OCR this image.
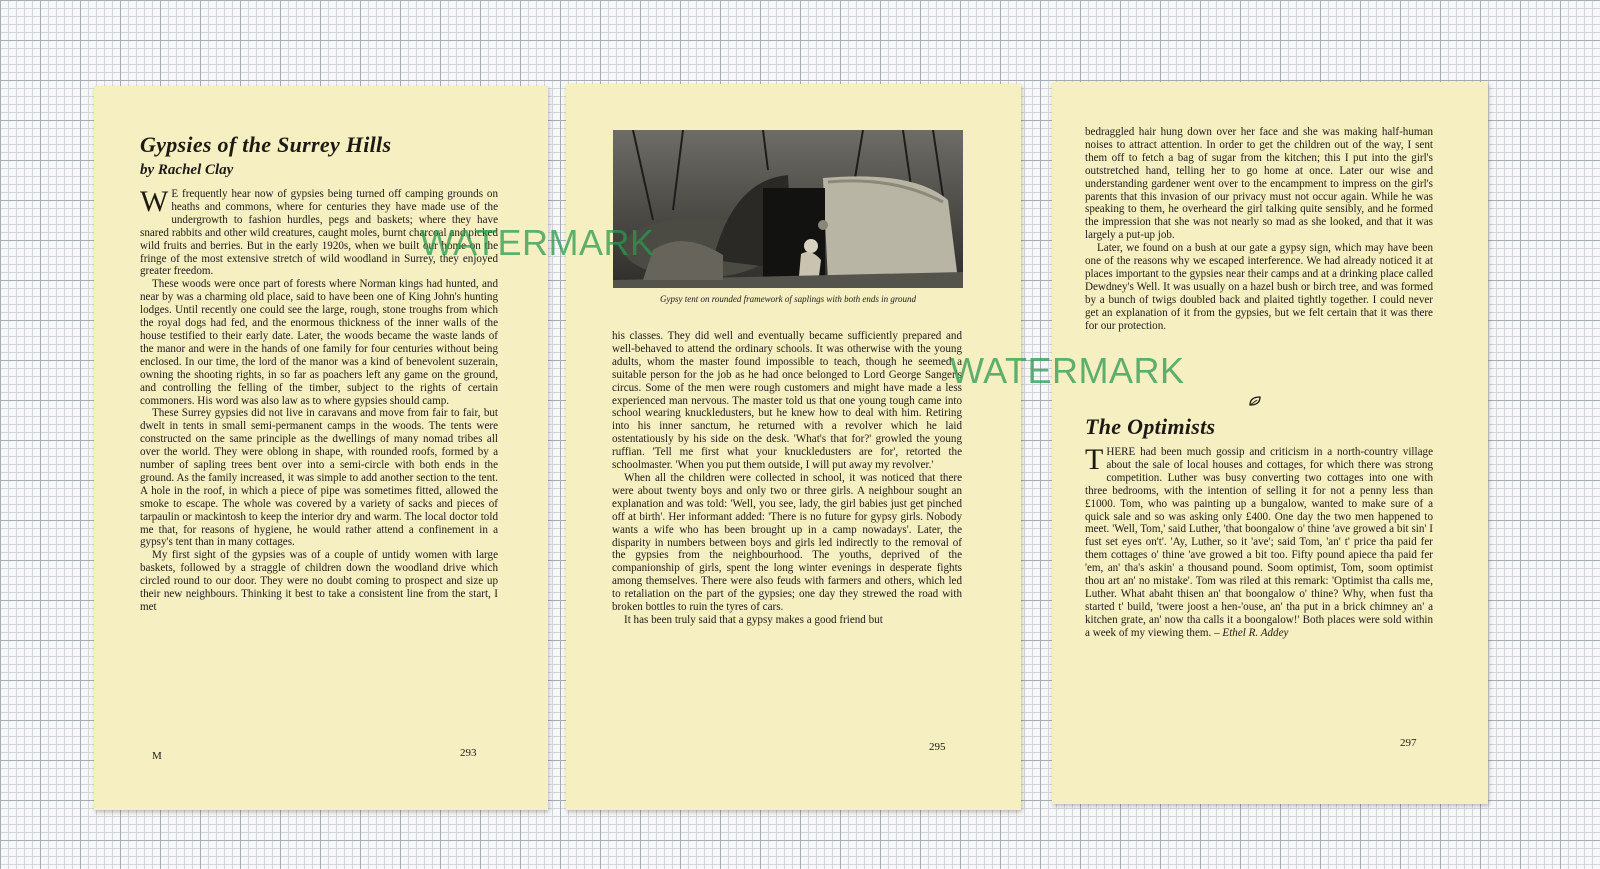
Gypsies of the Surrey Hills
by Rachel Clay

W E frequently hear now of gypsies being turned off camping grounds on heaths and commons, where for centuries they have made use of the undergrowth to fashion hurdles, pegs and baskets; where they have snared rabbits and other wild creatures, caught moles, burnt charcoal and picked wild fruits and berries. But in the early 1920s, when we built our home on the fringe of the most extensive stretch of wild woodland in Surrey, they enjoyed greater freedom.

These woods were once part of forests where Norman kings had hunted, and near by was a charming old place, said to have been one of King John's hunting lodges. Until recently one could see the large, rough, stone troughs from which the royal dogs had fed, and the enormous thickness of the inner walls of the house testified to their early date. Later, the woods became the waste lands of the manor and were in the hands of one family for four centuries without being enclosed. In our time, the lord of the manor was a kind of benevolent suzerain, owning the shooting rights, in so far as poachers left any game on the ground, and controlling the felling of the timber, subject to the rights of certain commoners. His word was also law as to where gypsies should camp.

These Surrey gypsies did not live in caravans and move from fair to fair, but dwelt in tents in small semi-permanent camps in the woods. The tents were constructed on the same principle as the dwellings of many nomad tribes all over the world. They were oblong in shape, with rounded roofs, formed by a number of sapling trees bent over into a semi-circle with both ends in the ground. As the family increased, it was simple to add another section to the tent. A hole in the roof, in which a piece of pipe was sometimes fitted, allowed the smoke to escape. The whole was covered by a variety of sacks and pieces of tarpaulin or mackintosh to keep the interior dry and warm. The local doctor told me that, for reasons of hygiene, he would rather attend a confinement in a gypsy's tent than in many cottages.

My first sight of the gypsies was of a couple of untidy women with large baskets, followed by a straggle of children down the woodland drive which circled round to our door. They were no doubt coming to prospect and size up their new neighbours. Thinking it best to take a consistent line from the start, I met

M	293
Gypsy tent on rounded framework of saplings with both ends in ground

his classes. They did well and eventually became sufficiently prepared and well-behaved to attend the ordinary schools. It was otherwise with the young adults, whom the master found impossible to teach, though he seemed a suitable person for the job as he had once belonged to Lord George Sanger's circus. Some of the men were rough customers and might have made a less experienced man nervous. The master told us that one young tough came into school wearing knuckledusters, but he knew how to deal with him. Retiring into his inner sanctum, he returned with a revolver which he laid ostentatiously by his side on the desk. 'What's that for?' growled the young ruffian. 'Tell me first what your knuckledusters are for', retorted the schoolmaster. 'When you put them outside, I will put away my revolver.'

When all the children were collected in school, it was noticed that there were about twenty boys and only two or three girls. A neighbour sought an explanation and was told: 'Well, you see, lady, the girl babies just get pinched off at birth'. Her informant added: 'There is no future for gypsy girls. Nobody wants a wife who has been brought up in a camp nowadays'. Later, the disparity in numbers between boys and girls led indirectly to the removal of the gypsies from the neighbourhood. The youths, deprived of the companionship of girls, spent the long winter evenings in desperate fights among themselves. There were also feuds with farmers and others, which led to retaliation on the part of the gypsies; one day they strewed the road with broken bottles to ruin the tyres of cars.

It has been truly said that a gypsy makes a good friend but

295

bedraggled hair hung down over her face and she was making half-human noises to attract attention. In order to get the children out of the way, I sent them off to fetch a bag of sugar from the kitchen; this I put into the girl's outstretched hand, telling her to go home at once. Later our wise and understanding gardener went over to the encampment to impress on the girl's parents that this invasion of our privacy must not occur again. While he was speaking to them, he overheard the girl talking quite sensibly, and he formed the impression that she was not nearly so mad as she looked, and that it was largely a put-up job.

Later, we found on a bush at our gate a gypsy sign, which may have been one of the reasons why we escaped interference. We had already noticed it at places important to the gypsies near their camps and at a drinking place called Dewdney's Well. It was usually on a hazel bush or birch tree, and was formed by a bunch of twigs doubled back and plaited tightly together. I could never get an explanation of it from the gypsies, but we felt certain that it was there for our protection.

The Optimists

THERE had been much gossip and criticism in a north-country village about the sale of local houses and cottages, for which there was strong competition. Luther was busy converting two cottages into one with three bedrooms, with the intention of selling it for not a penny less than £1000. Tom, who was painting up a bungalow, wanted to make sure of a quick sale and so was asking only £400. One day the two men happened to meet. 'Well, Tom,' said Luther, 'that boongalow o' thine 'ave growed a bit sin' I fust set eyes on't'. 'Ay, Luther, so it 'ave'; said Tom, 'an' t' price tha paid fer them cottages o' thine 'ave growed a bit too. Fifty pound apiece tha paid fer 'em, an' tha's askin' a thousand pound. Soom optimist, Tom, soom optimist thou art an' no mistake'. Tom was riled at this remark: 'Optimist tha calls me, Luther. What abaht thisen an' that boongalow o' thine? Why, when fust tha started t' build, 'twere joost a hen-'ouse, an' tha put in a brick chimney an' a kitchen grate, an' now tha calls it a boongalow!' Both places were sold within a week of my viewing them. – Ethel R. Addey

297
WATERMARK
WATERMARK
